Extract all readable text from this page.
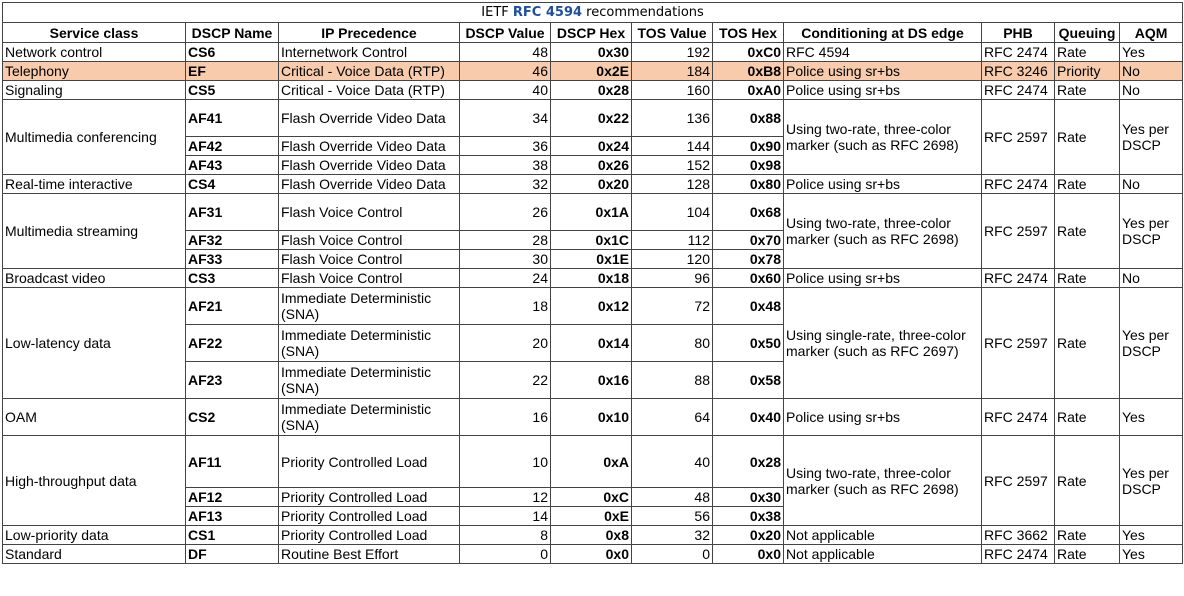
IETF RFC 4594 recommendations										
Service class	DSCP Name	IP Precedence	DSCP Value	DSCP Hex	TOS Value	TOS Hex	Conditioning at DS edge	PHB	Queuing	AQM
Network control	CS6	Internetwork Control	48	0x30	192	0xC0	RFC 4594	RFC 2474	Rate	Yes
Telephony	EF	Critical - Voice Data (RTP)	46	0x2E	184	0xB8	Police using sr+bs	RFC 3246	Priority	No
Signaling	CS5	Critical - Voice Data (RTP)	40	0x28	160	0xA0	Police using sr+bs	RFC 2474	Rate	No
Multimedia conferencing	AF41	Flash Override Video Data	34	0x22	136	0x88	Using two-rate, three-color marker (such as RFC 2698)	RFC 2597	Rate	Yes per DSCP
	AF42	Flash Override Video Data	36	0x24	144	0x90				
	AF43	Flash Override Video Data	38	0x26	152	0x98				
Real-time interactive	CS4	Flash Override Video Data	32	0x20	128	0x80	Police using sr+bs	RFC 2474	Rate	No
Multimedia streaming	AF31	Flash Voice Control	26	0x1A	104	0x68	Using two-rate, three-color marker (such as RFC 2698)	RFC 2597	Rate	Yes per DSCP
	AF32	Flash Voice Control	28	0x1C	112	0x70				
	AF33	Flash Voice Control	30	0x1E	120	0x78				
Broadcast video	CS3	Flash Voice Control	24	0x18	96	0x60	Police using sr+bs	RFC 2474	Rate	No
Low-latency data	AF21	Immediate Deterministic (SNA)	18	0x12	72	0x48	Using single-rate, three-color marker (such as RFC 2697)	RFC 2597	Rate	Yes per DSCP
	AF22	Immediate Deterministic (SNA)	20	0x14	80	0x50				
	AF23	Immediate Deterministic (SNA)	22	0x16	88	0x58				
OAM	CS2	Immediate Deterministic (SNA)	16	0x10	64	0x40	Police using sr+bs	RFC 2474	Rate	Yes
High-throughput data	AF11	Priority Controlled Load	10	0xA	40	0x28	Using two-rate, three-color marker (such as RFC 2698)	RFC 2597	Rate	Yes per DSCP
	AF12	Priority Controlled Load	12	0xC	48	0x30				
	AF13	Priority Controlled Load	14	0xE	56	0x38				
Low-priority data	CS1	Priority Controlled Load	8	0x8	32	0x20	Not applicable	RFC 3662	Rate	Yes
Standard	DF	Routine Best Effort	0	0x0	0	0x0	Not applicable	RFC 2474	Rate	Yes
